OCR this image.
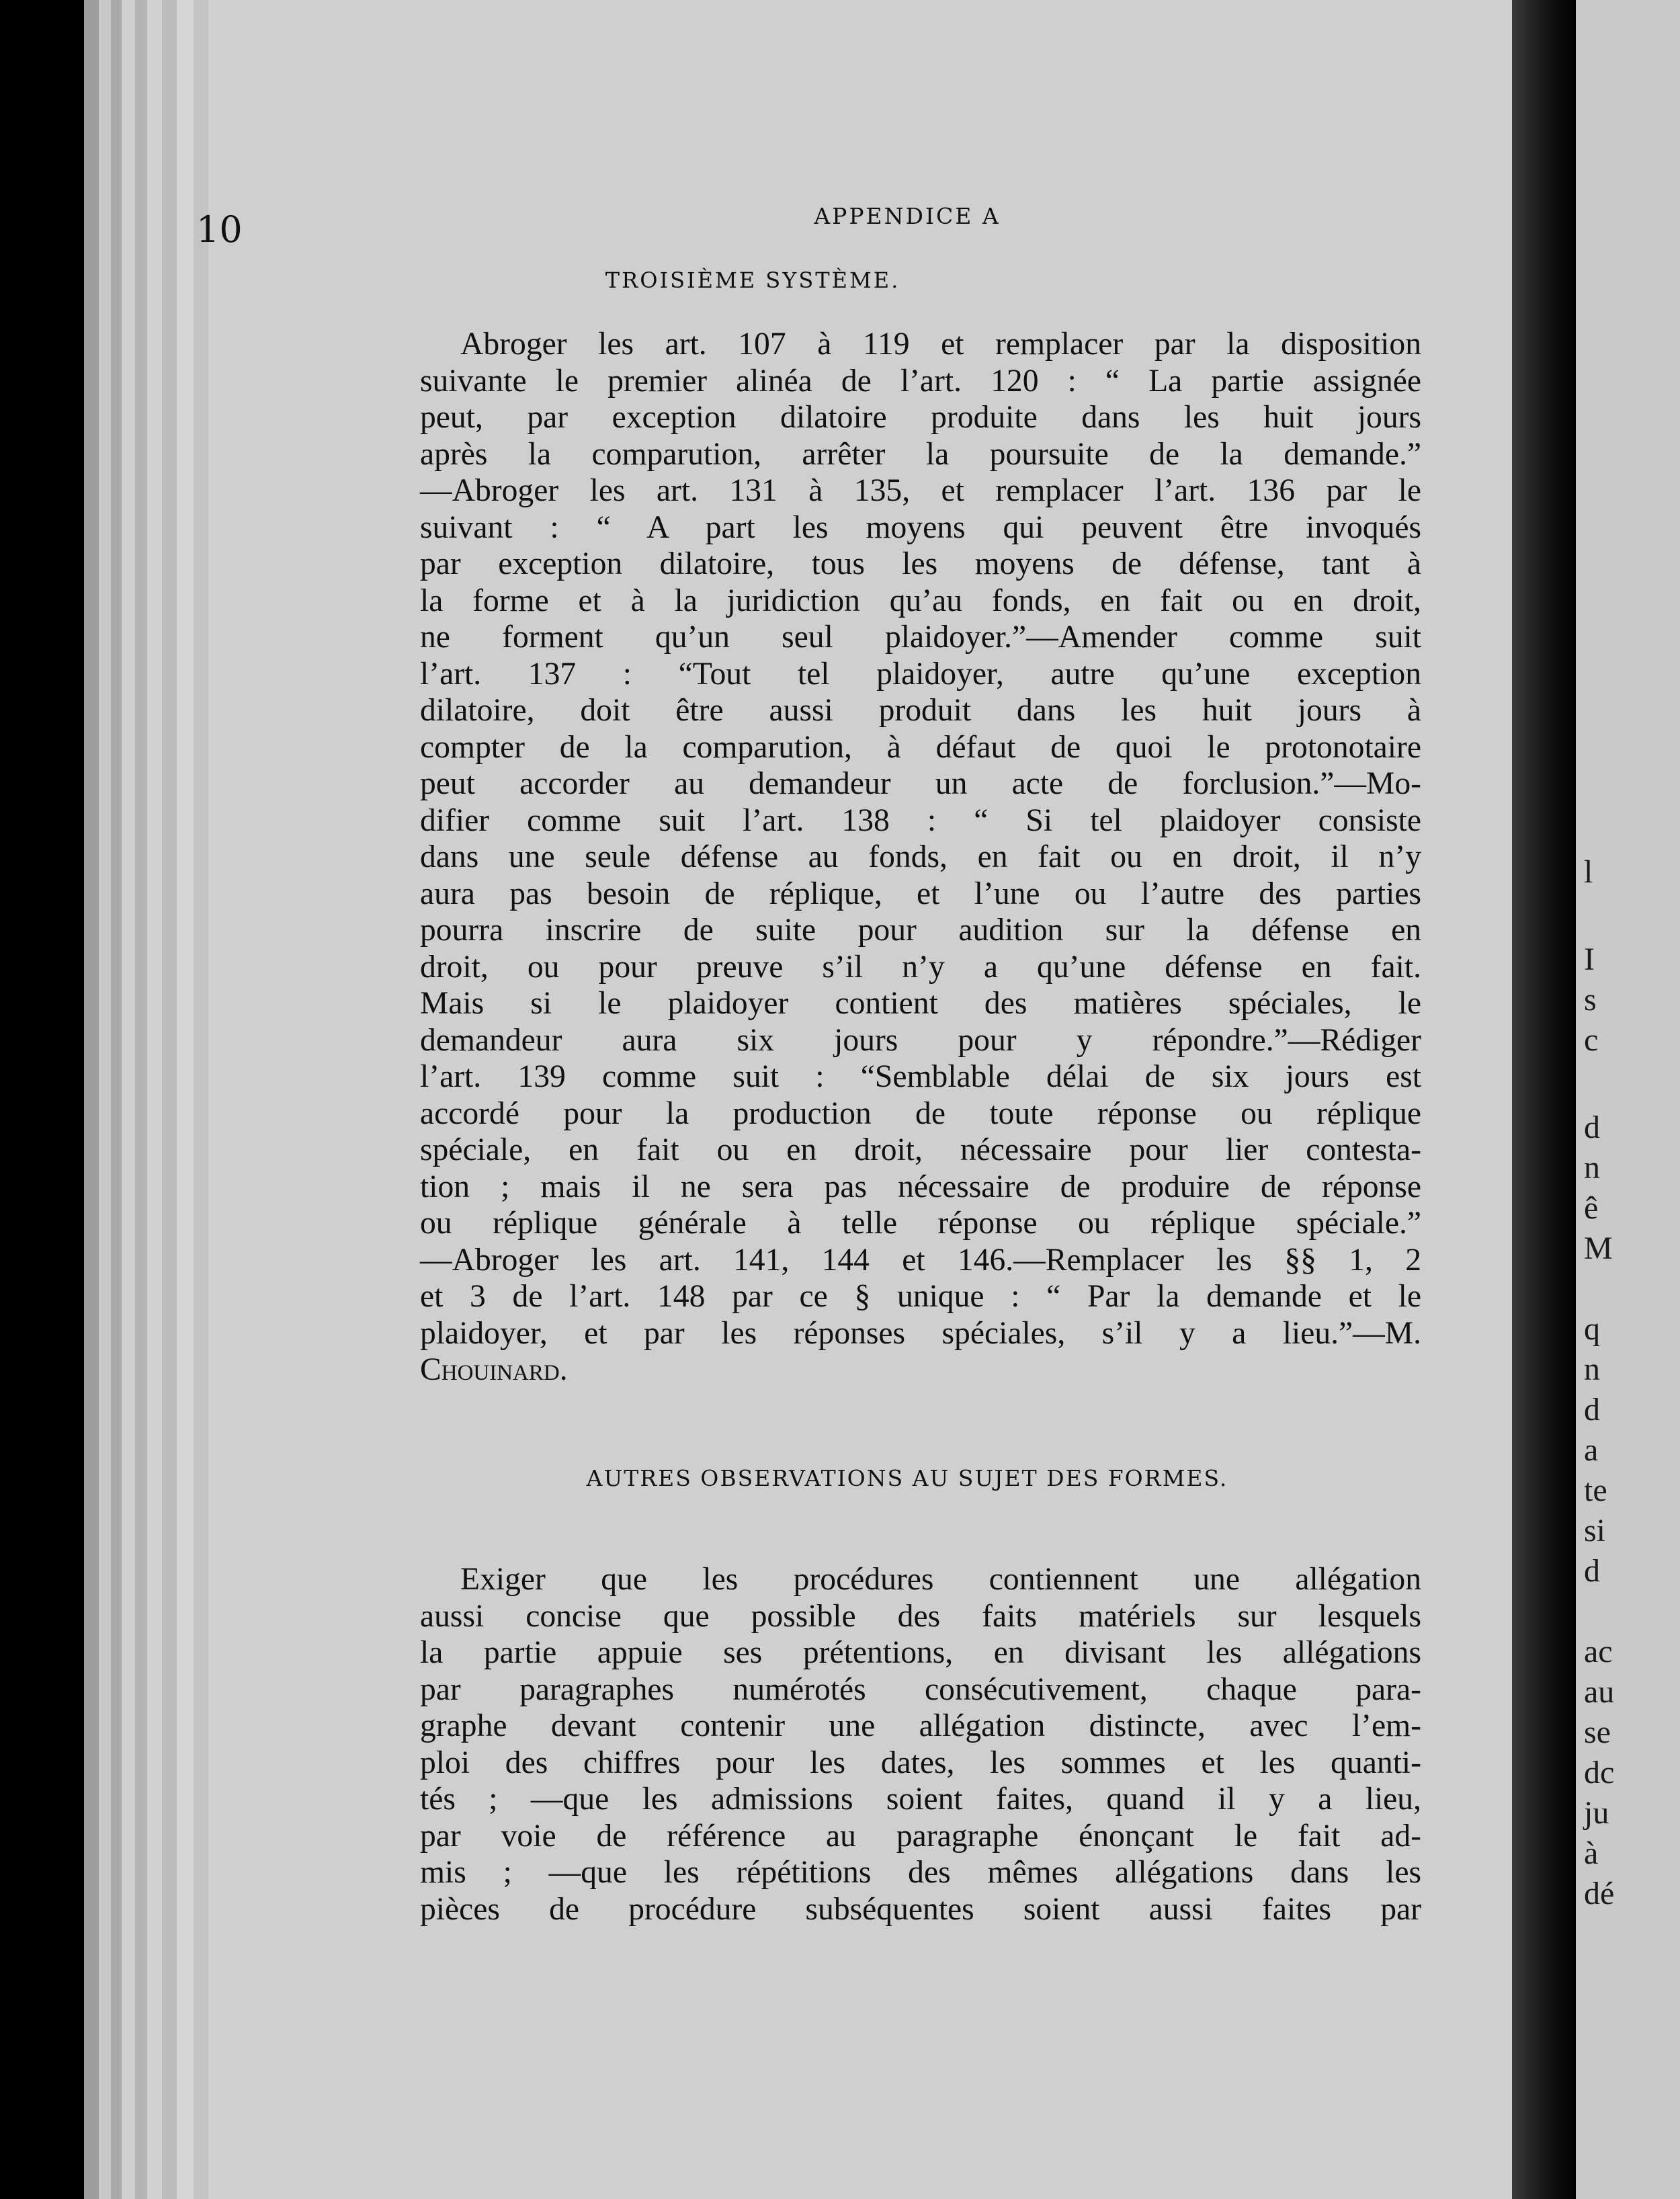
l
I
s
c
d
n
ê
M
q
n
d
a
te
si
d
ac
au
se
dc
ju
à
dé
10	APPENDICE A
TROISIÈME SYSTÈME.
Abroger les art. 107 à 119 et remplacer par la disposition
suivante le premier alinéa de l’art. 120 : “ La partie assignée
peut, par exception dilatoire produite dans les huit jours
après la comparution, arrêter la poursuite de la demande.”
—Abroger les art. 131 à 135, et remplacer l’art. 136 par le
suivant : “ A part les moyens qui peuvent être invoqués
par exception dilatoire, tous les moyens de défense, tant à
la forme et à la juridiction qu’au fonds, en fait ou en droit,
ne forment qu’un seul plaidoyer.”—Amender comme suit
l’art. 137 : “Tout tel plaidoyer, autre qu’une exception
dilatoire, doit être aussi produit dans les huit jours à
compter de la comparution, à défaut de quoi le protonotaire
peut accorder au demandeur un acte de forclusion.”—Mo-
difier comme suit l’art. 138 : “ Si tel plaidoyer consiste
dans une seule défense au fonds, en fait ou en droit, il n’y
aura pas besoin de réplique, et l’une ou l’autre des parties
pourra inscrire de suite pour audition sur la défense en
droit, ou pour preuve s’il n’y a qu’une défense en fait.
Mais si le plaidoyer contient des matières spéciales, le
demandeur aura six jours pour y répondre.”—Rédiger
l’art. 139 comme suit : “Semblable délai de six jours est
accordé pour la production de toute réponse ou réplique
spéciale, en fait ou en droit, nécessaire pour lier contesta-
tion ; mais il ne sera pas nécessaire de produire de réponse
ou réplique générale à telle réponse ou réplique spéciale.”
—Abroger les art. 141, 144 et 146.—Remplacer les §§ 1, 2
et 3 de l’art. 148 par ce § unique : “ Par la demande et le
plaidoyer, et par les réponses spéciales, s’il y a lieu.”—M.
Chouinard.
AUTRES OBSERVATIONS AU SUJET DES FORMES.
Exiger que les procédures contiennent une allégation
aussi concise que possible des faits matériels sur lesquels
la partie appuie ses prétentions, en divisant les allégations
par paragraphes numérotés consécutivement, chaque para-
graphe devant contenir une allégation distincte, avec l’em-
ploi des chiffres pour les dates, les sommes et les quanti-
tés ; —que les admissions soient faites, quand il y a lieu,
par voie de référence au paragraphe énonçant le fait ad-
mis ; —que les répétitions des mêmes allégations dans les
pièces de procédure subséquentes soient aussi faites par
